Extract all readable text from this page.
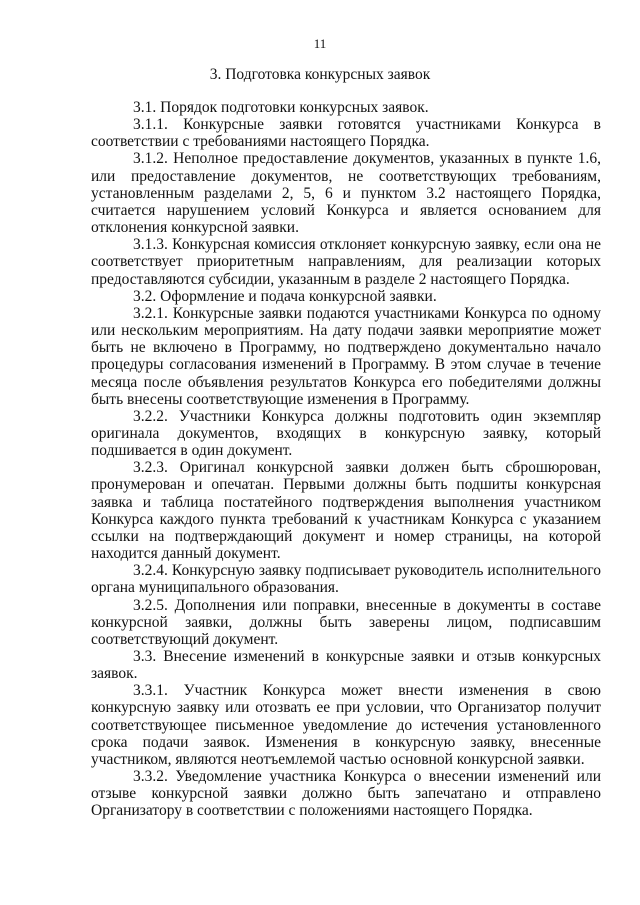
11
3. Подготовка конкурсных заявок

3.1. Порядок подготовки конкурсных заявок.

3.1.1. Конкурсные заявки готовятся участниками Конкурса в соответствии с требованиями настоящего Порядка.

3.1.2. Неполное предоставление документов, указанных в пункте 1.6, или предоставление документов, не соответствующих требованиям, установленным разделами 2, 5, 6 и пунктом 3.2 настоящего Порядка, считается нарушением условий Конкурса и является основанием для отклонения конкурсной заявки.

3.1.3. Конкурсная комиссия отклоняет конкурсную заявку, если она не соответствует приоритетным направлениям, для реализации которых предоставляются субсидии, указанным в разделе 2 настоящего Порядка.

3.2. Оформление и подача конкурсной заявки.

3.2.1. Конкурсные заявки подаются участниками Конкурса по одному или нескольким мероприятиям. На дату подачи заявки мероприятие может быть не включено в Программу, но подтверждено документально начало процедуры согласования изменений в Программу. В этом случае в течение месяца после объявления результатов Конкурса его победителями должны быть внесены соответствующие изменения в Программу.

3.2.2. Участники Конкурса должны подготовить один экземпляр оригинала документов, входящих в конкурсную заявку, который подшивается в один документ.

3.2.3. Оригинал конкурсной заявки должен быть сброшюрован, пронумерован и опечатан. Первыми должны быть подшиты конкурсная заявка и таблица постатейного подтверждения выполнения участником Конкурса каждого пункта требований к участникам Конкурса с указанием ссылки на подтверждающий документ и номер страницы, на которой находится данный документ.

3.2.4. Конкурсную заявку подписывает руководитель исполнительного органа муниципального образования.

3.2.5. Дополнения или поправки, внесенные в документы в составе конкурсной заявки, должны быть заверены лицом, подписавшим соответствующий документ.

3.3. Внесение изменений в конкурсные заявки и отзыв конкурсных заявок.

3.3.1. Участник Конкурса может внести изменения в свою конкурсную заявку или отозвать ее при условии, что Организатор получит соответствующее письменное уведомление до истечения установленного срока подачи заявок. Изменения в конкурсную заявку, внесенные участником, являются неотъемлемой частью основной конкурсной заявки.

3.3.2. Уведомление участника Конкурса о внесении изменений или отзыве конкурсной заявки должно быть запечатано и отправлено Организатору в соответствии с положениями настоящего Порядка.
